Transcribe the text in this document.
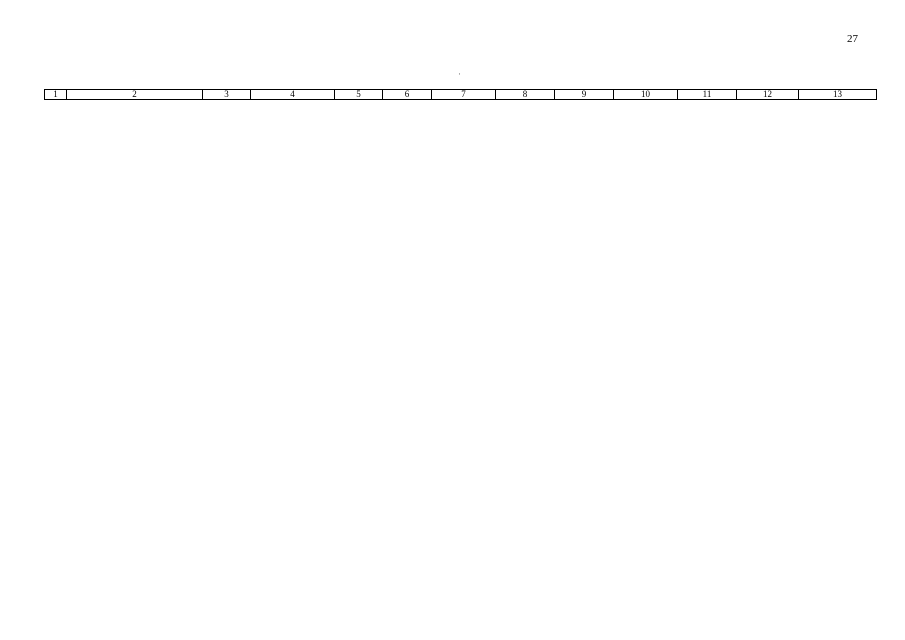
27
·
1	2	3	4	5	6	7	8	9	10	11	12	13
